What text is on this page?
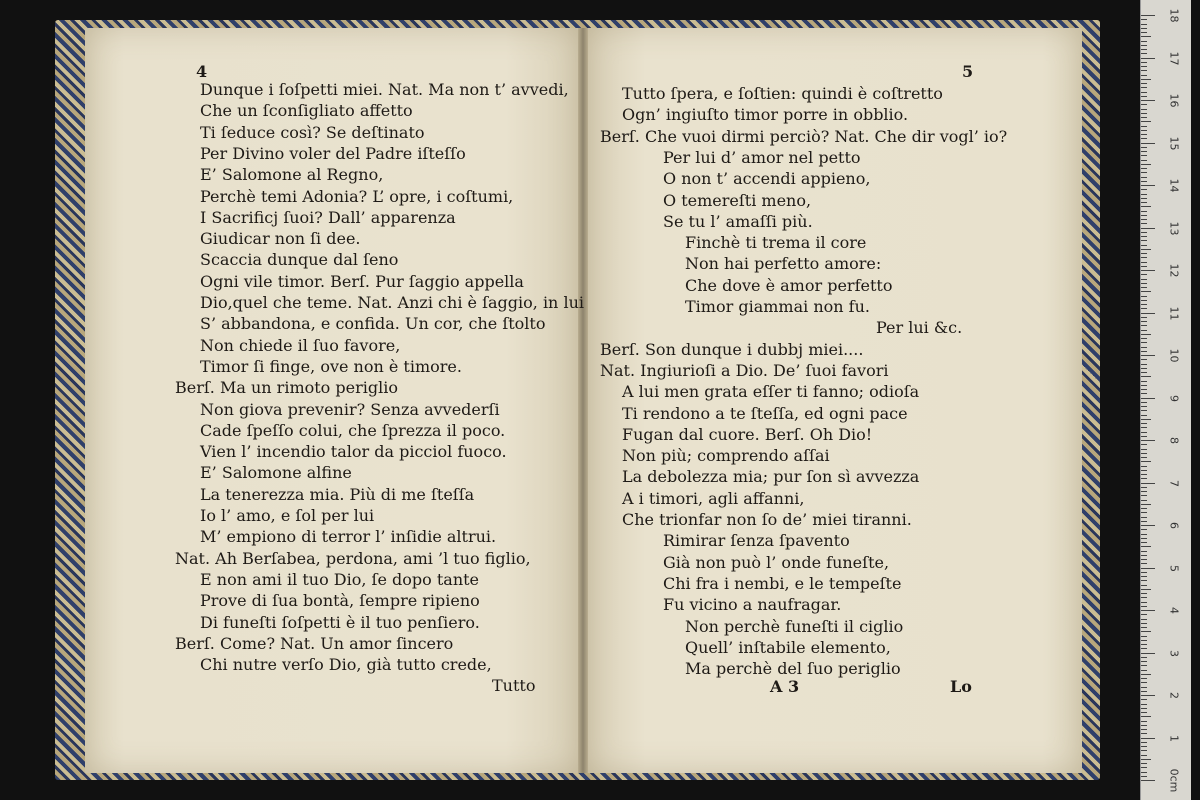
4	5
Dunque i ſoſpetti miei. Nat. Ma non t’ avvedi,
Che un ſconſigliato affetto
Ti ſeduce così? Se deſtinato
Per Divino voler del Padre iſteſſo
E’ Salomone al Regno,
Perchè temi Adonia? L’ opre, i coſtumi,
I Sacrificj ſuoi? Dall’ apparenza
Giudicar non ſi dee.
Scaccia dunque dal ſeno
Ogni vile timor. Berſ. Pur ſaggio appella
Dio,quel che teme. Nat. Anzi chi è ſaggio, in lui
S’ abbandona, e confida. Un cor, che ſtolto
Non chiede il ſuo favore,
Timor ſi finge, ove non è timore.
Berſ. Ma un rimoto periglio
Non giova prevenir? Senza avvederſi
Cade ſpeſſo colui, che ſprezza il poco.
Vien l’ incendio talor da picciol fuoco.
E’ Salomone alfine
La tenerezza mia. Più di me ſteſſa
Io l’ amo, e ſol per lui
M’ empiono di terror l’ inſidie altrui.
Nat. Ah Berſabea, perdona, ami ’l tuo figlio,
E non ami il tuo Dio, ſe dopo tante
Prove di ſua bontà, ſempre ripieno
Di funeſti ſoſpetti è il tuo penſiero.
Berſ. Come? Nat. Un amor ſincero
Chi nutre verſo Dio, già tutto crede,
Tutto
Tutto ſpera, e ſoſtien: quindi è coſtretto
Ogn’ ingiuſto timor porre in obblio.
Berſ. Che vuoi dirmi perciò? Nat. Che dir vogl’ io?
Per lui d’ amor nel petto
O non t’ accendi appieno,
O temereſti meno,
Se tu l’ amaſſi più.
Finchè ti trema il core
Non hai perfetto amore:
Che dove è amor perfetto
Timor giammai non fu.
Per lui &c.
Berſ. Son dunque i dubbj miei....
Nat. Ingiurioſi a Dio. De’ ſuoi favori
A lui men grata eſſer ti fanno; odioſa
Ti rendono a te ſteſſa, ed ogni pace
Fugan dal cuore. Berſ. Oh Dio!
Non più; comprendo aſſai
La debolezza mia; pur ſon sì avvezza
A i timori, agli affanni,
Che trionfar non ſo de’ miei tiranni.
Rimirar ſenza ſpavento
Già non può l’ onde funeſte,
Chi fra i nembi, e le tempeſte
Fu vicino a naufragar.
Non perchè funeſti il ciglio
Quell’ inſtabile elemento,
Ma perchè del ſuo periglio
A 3	Lo
18
17
16
15
14
13
12
11
10
9
8
7
6
5
4
3
2
1
0cm
